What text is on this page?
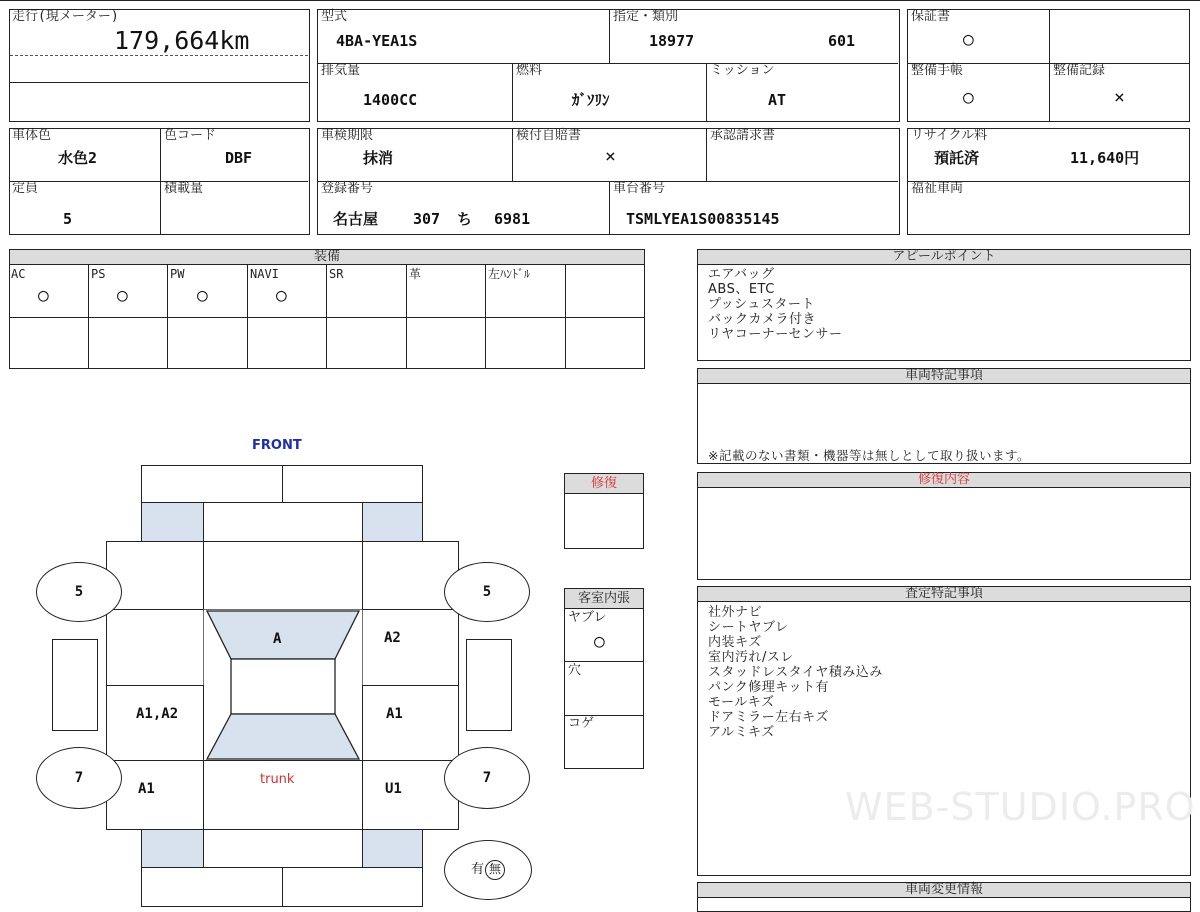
走行(現メーター)
179,664km
型式
4BA-YEA1S
指定・類別
18977	601
排気量
1400CC
燃料
ｶﾞｿﾘﾝ
ミッション
AT
保証書
○
整備手帳
○
整備記録
×
車体色
水色2
色コード
DBF
定員
5
積載量
車検期限
抹消
検付自賠書
×
承認請求書
登録番号
名古屋 307 ち 6981
車台番号
TSMLYEA1S00835145
リサイクル料
預託済	11,640円
福祉車両
装備
AC	PS	PW	NAVI	SR	革	左ﾊﾝﾄﾞﾙ
○	○	○	○
アピールポイント
エアバッグ
ABS、ETC
プッシュスタート
バックカメラ付き
リヤコーナーセンサー
車両特記事項
※記載のない書類・機器等は無しとして取り扱います。
修復内容
査定特記事項
社外ナビ
シートヤブレ
内装キズ
室内汚れ/スレ
スタッドレスタイヤ積み込み
パンク修理キット有
モールキズ
ドアミラー左右キズ
アルミキズ
車両変更情報
修復
客室内張
ヤブレ
○
穴
コゲ
FRONT
A2
A
A1,A2	A1
A1
trunk
U1
5	5
7	7
有 無
WEB-STUDIO.PRO
